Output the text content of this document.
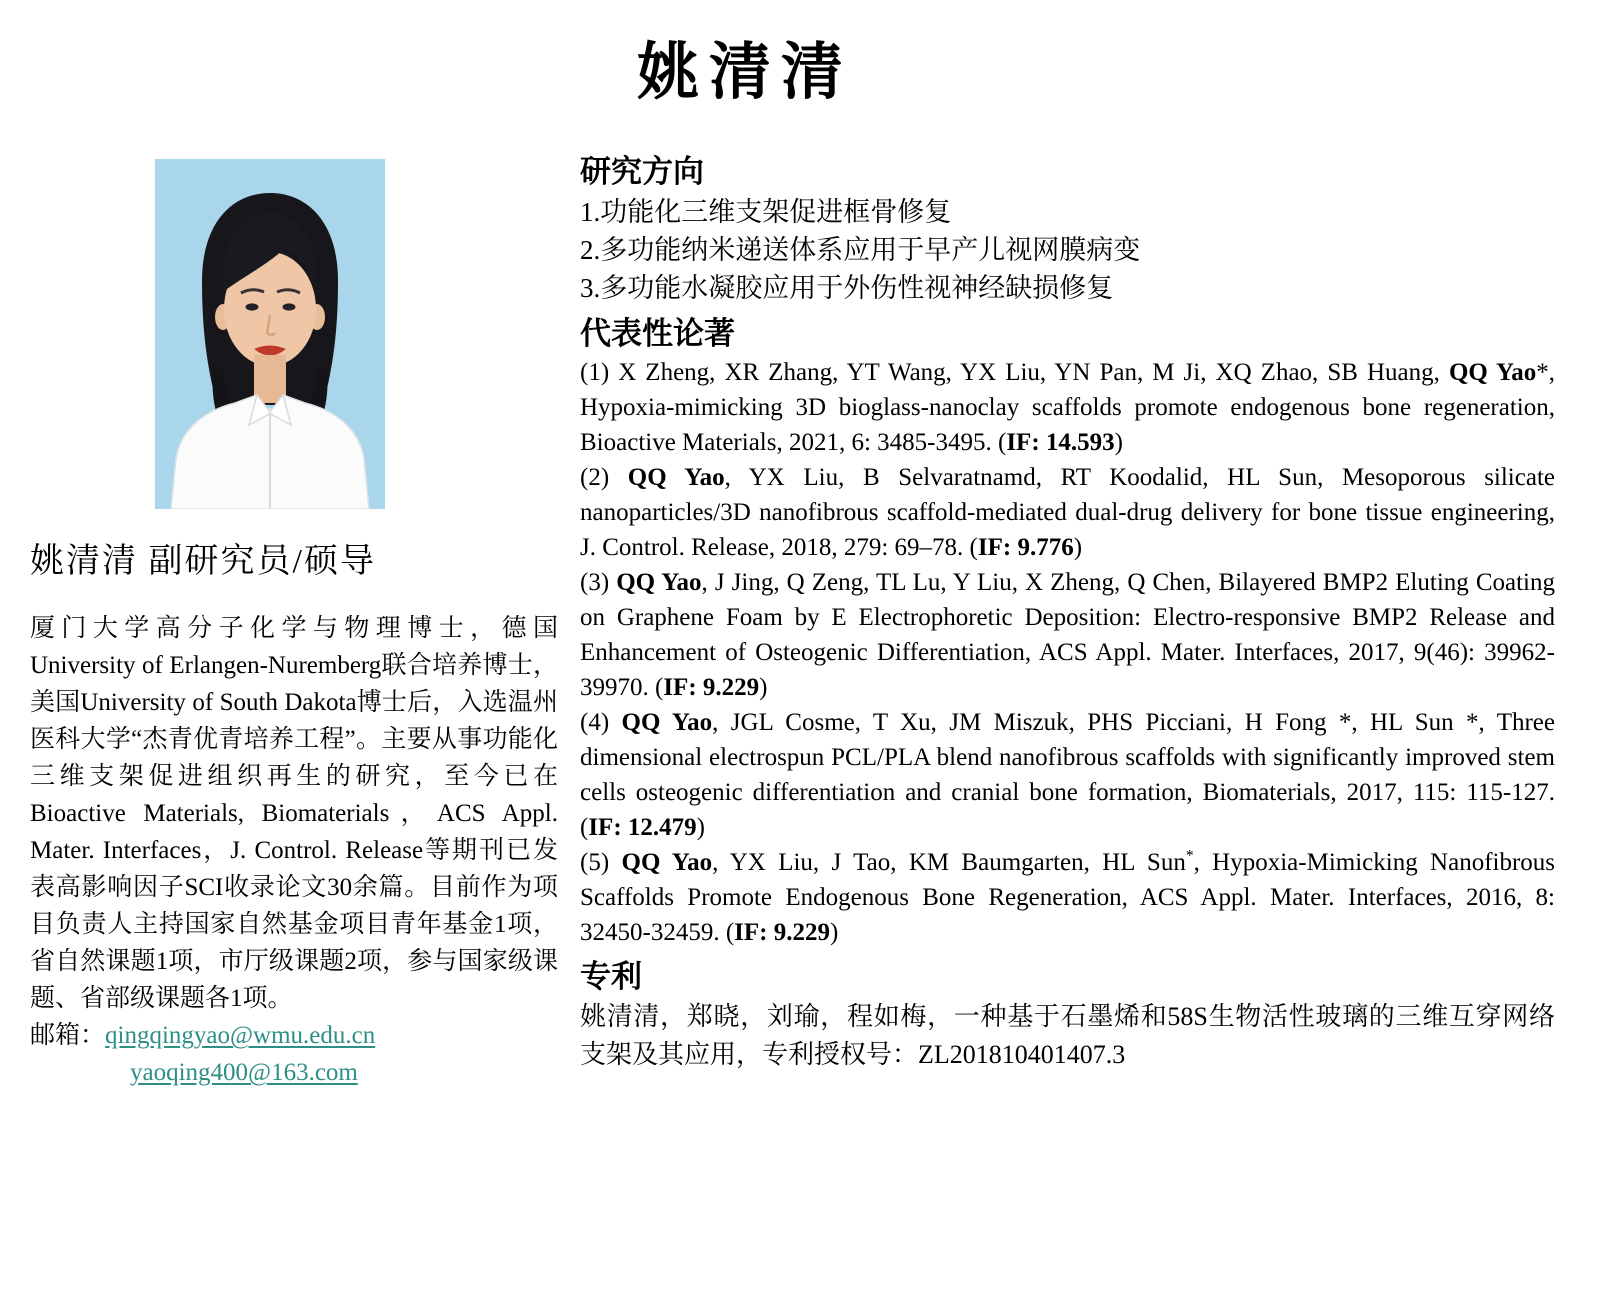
姚清清
姚清清 副研究员/硕导
厦门大学高分子化学与物理博士，德国University of Erlangen-Nuremberg联合培养博士，美国University of South Dakota博士后，入选温州医科大学“杰青优青培养工程”。主要从事功能化三维支架促进组织再生的研究，至今已在Bioactive Materials, Biomaterials，ACS Appl. Mater. Interfaces，J. Control. Release等期刊已发表高影响因子SCI收录论文30余篇。目前作为项目负责人主持国家自然基金项目青年基金1项，省自然课题1项，市厅级课题2项，参与国家级课题、省部级课题各1项。
邮箱：qingqingyao@wmu.edu.cn
yaoqing400@163.com
研究方向
1.功能化三维支架促进框骨修复
2.多功能纳米递送体系应用于早产儿视网膜病变
3.多功能水凝胶应用于外伤性视神经缺损修复
代表性论著

(1) X Zheng, XR Zhang, YT Wang, YX Liu, YN Pan, M Ji, XQ Zhao, SB Huang, QQ Yao*, Hypoxia-mimicking 3D bioglass-nanoclay scaffolds promote endogenous bone regeneration, Bioactive Materials, 2021, 6: 3485-3495. (IF: 14.593)

(2) QQ Yao, YX Liu, B Selvaratnamd, RT Koodalid, HL Sun, Mesoporous silicate nanoparticles/3D nanofibrous scaffold-mediated dual-drug delivery for bone tissue engineering, J. Control. Release, 2018, 279: 69–78. (IF: 9.776)

(3) QQ Yao, J Jing, Q Zeng, TL Lu, Y Liu, X Zheng, Q Chen, Bilayered BMP2 Eluting Coating on Graphene Foam by E Electrophoretic Deposition: Electro-responsive BMP2 Release and Enhancement of Osteogenic Differentiation, ACS Appl. Mater. Interfaces, 2017, 9(46): 39962-39970. (IF: 9.229)

(4) QQ Yao, JGL Cosme, T Xu, JM Miszuk, PHS Picciani, H Fong *, HL Sun *, Three dimensional electrospun PCL/PLA blend nanofibrous scaffolds with significantly improved stem cells osteogenic differentiation and cranial bone formation, Biomaterials, 2017, 115: 115-127. (IF: 12.479)

(5) QQ Yao, YX Liu, J Tao, KM Baumgarten, HL Sun*, Hypoxia-Mimicking Nanofibrous Scaffolds Promote Endogenous Bone Regeneration, ACS Appl. Mater. Interfaces, 2016, 8: 32450-32459. (IF: 9.229)

专利
姚清清，郑晓，刘瑜，程如梅，一种基于石墨烯和58S生物活性玻璃的三维互穿网络支架及其应用，专利授权号：ZL201810401407.3
